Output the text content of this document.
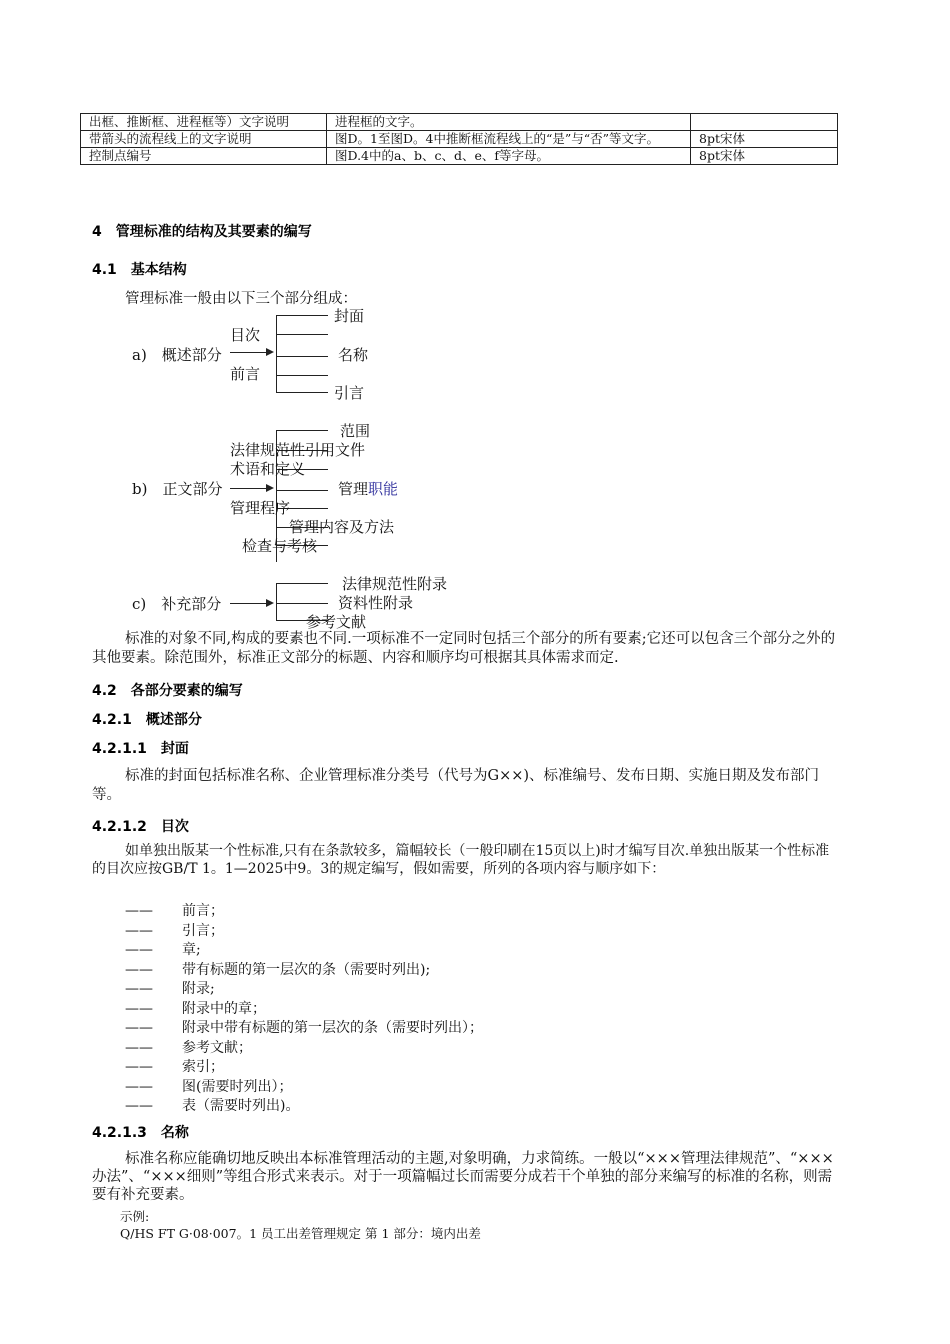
出框、推断框、进程框等）文字说明	进程框的文字。	
带箭头的流程线上的文字说明	图D。1至图D。4中推断框流程线上的“是”与“否”等文字。	8pt宋体
控制点编号	图D.4中的a、b、c、d、e、f等字母。	8pt宋体
4　管理标准的结构及其要素的编写
4.1　基本结构
管理标准一般由以下三个部分组成：
a)　概述部分
封面
目次
名称
前言
引言
b)　正文部分
范围
法律规范性引用文件
术语和定义
管理职能
管理程序
管理内容及方法
检查与考核
c)　补充部分
法律规范性附录
资料性附录
参考文献
标准的对象不同,构成的要素也不同.一项标准不一定同时包括三个部分的所有要素;它还可以包含三个部分之外的其他要素。除范围外，标准正文部分的标题、内容和顺序均可根据其具体需求而定.
4.2　各部分要素的编写
4.2.1　概述部分
4.2.1.1　封面
标准的封面包括标准名称、企业管理标准分类号（代号为G××)、标准编号、发布日期、实施日期及发布部门等。
4.2.1.2　目次
如单独出版某一个性标准,只有在条款较多，篇幅较长（一般印刷在15页以上)时才编写目次.单独出版某一个性标准的目次应按GB/T 1。1—2025中9。3的规定编写，假如需要，所列的各项内容与顺序如下：
—— 前言；
—— 引言；
—— 章;
—— 带有标题的第一层次的条（需要时列出);
—— 附录;
—— 附录中的章；
—— 附录中带有标题的第一层次的条（需要时列出）；
—— 参考文献；
—— 索引；
—— 图(需要时列出）；
—— 表（需要时列出)。
4.2.1.3　名称
标准名称应能确切地反映出本标准管理活动的主题,对象明确，力求简练。一般以“×××管理法律规范”、“×××办法”、“×××细则”等组合形式来表示。对于一项篇幅过长而需要分成若干个单独的部分来编写的标准的名称，则需要有补充要素。
示例:
Q/HS FT G·08·007。1 员工出差管理规定 第 1 部分：境内出差
